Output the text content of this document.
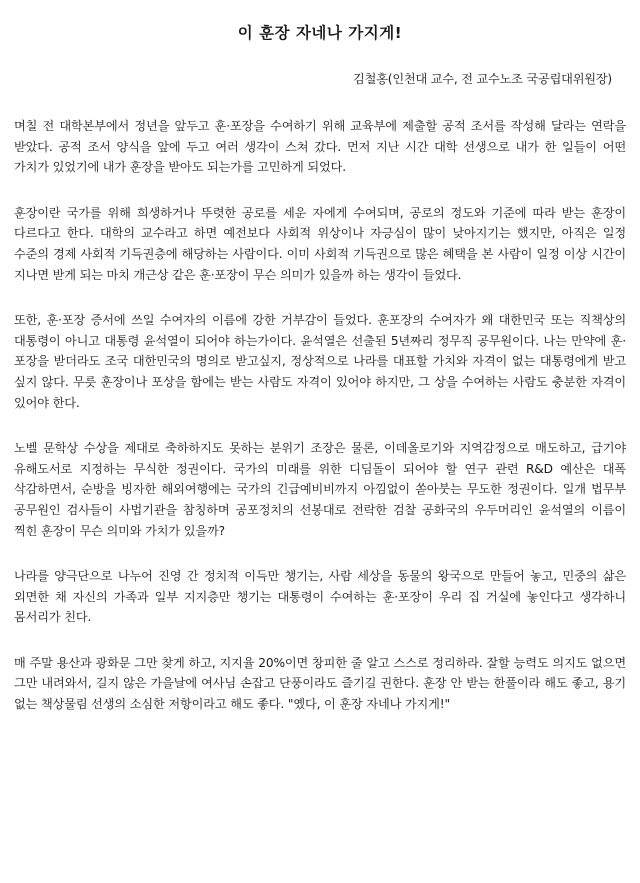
이 훈장 자네나 가지게!
김철홍(인천대 교수, 전 교수노조 국공립대위원장)

며칠 전 대학본부에서 정년을 앞두고 훈·포장을 수여하기 위해 교육부에 제출할 공적 조서를 작성해 달라는 연락을 받았다. 공적 조서 양식을 앞에 두고 여러 생각이 스쳐 갔다. 먼저 지난 시간 대학 선생으로 내가 한 일들이 어떤 가치가 있었기에 내가 훈장을 받아도 되는가를 고민하게 되었다.

훈장이란 국가를 위해 희생하거나 뚜렷한 공로를 세운 자에게 수여되며, 공로의 정도와 기준에 따라 받는 훈장이 다르다고 한다. 대학의 교수라고 하면 예전보다 사회적 위상이나 자긍심이 많이 낮아지기는 했지만, 아직은 일정 수준의 경제 사회적 기득권층에 해당하는 사람이다. 이미 사회적 기득권으로 많은 혜택을 본 사람이 일정 이상 시간이 지나면 받게 되는 마치 개근상 같은 훈·포장이 무슨 의미가 있을까 하는 생각이 들었다.

또한, 훈·포장 증서에 쓰일 수여자의 이름에 강한 거부감이 들었다. 훈포장의 수여자가 왜 대한민국 또는 직책상의 대통령이 아니고 대통령 윤석열이 되어야 하는가이다. 윤석열은 선출된 5년짜리 정무직 공무원이다. 나는 만약에 훈·포장을 받더라도 조국 대한민국의 명의로 받고싶지, 정상적으로 나라를 대표할 가치와 자격이 없는 대통령에게 받고 싶지 않다. 무릇 훈장이나 포상을 함에는 받는 사람도 자격이 있어야 하지만, 그 상을 수여하는 사람도 충분한 자격이 있어야 한다.

노벨 문학상 수상을 제대로 축하하지도 못하는 분위기 조장은 물론, 이데올로기와 지역감정으로 매도하고, 급기야 유해도서로 지정하는 무식한 정권이다. 국가의 미래를 위한 디딤돌이 되어야 할 연구 관련 R&D 예산은 대폭 삭감하면서, 순방을 빙자한 해외여행에는 국가의 긴급예비비까지 아낌없이 쏟아붓는 무도한 정권이다. 일개 법무부 공무원인 검사들이 사법기관을 참칭하며 공포정치의 선봉대로 전락한 검찰 공화국의 우두머리인 윤석열의 이름이 찍힌 훈장이 무슨 의미와 가치가 있을까?

나라를 양극단으로 나누어 진영 간 정치적 이득만 챙기는, 사람 세상을 동물의 왕국으로 만들어 놓고, 민중의 삶은 외면한 채 자신의 가족과 일부 지지층만 챙기는 대통령이 수여하는 훈·포장이 우리 집 거실에 놓인다고 생각하니 몸서리가 친다.

매 주말 용산과 광화문 그만 찾게 하고, 지지율 20%이면 창피한 줄 알고 스스로 정리하라. 잘할 능력도 의지도 없으면 그만 내려와서, 길지 않은 가을날에 여사님 손잡고 단풍이라도 즐기길 권한다. 훈장 안 받는 한풀이라 해도 좋고, 용기 없는 책상물림 선생의 소심한 저항이라고 해도 좋다. "옜다, 이 훈장 자네나 가지게!"
